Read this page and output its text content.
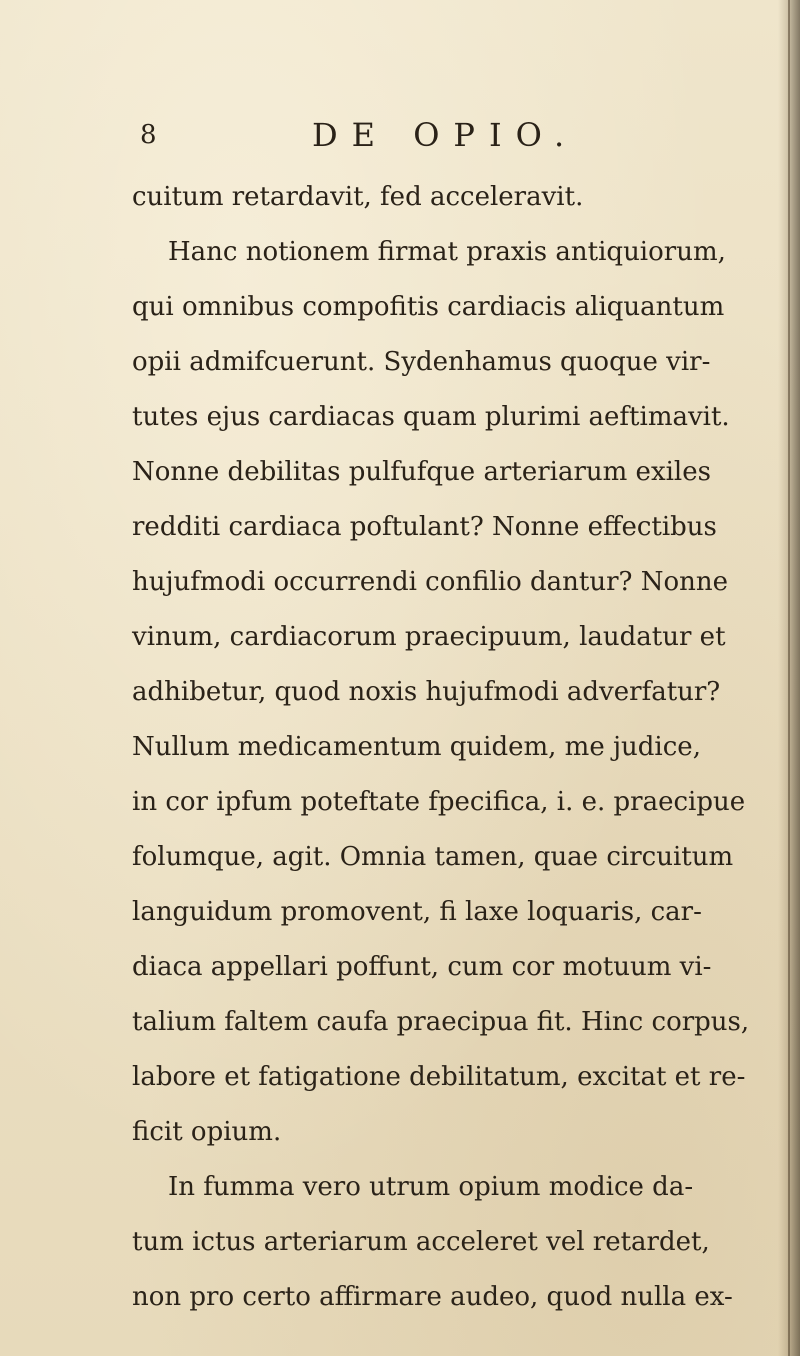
8	DE OPIO.
cuitum retardavit, fed acceleravit.
Hanc notionem firmat praxis antiquiorum,
qui omnibus compofitis cardiacis aliquantum
opii admifcuerunt. Sydenhamus quoque vir-
tutes ejus cardiacas quam plurimi aeftimavit.
Nonne debilitas pulfufque arteriarum exiles
redditi cardiaca poftulant? Nonne effectibus
hujufmodi occurrendi confilio dantur? Nonne
vinum, cardiacorum praecipuum, laudatur et
adhibetur, quod noxis hujufmodi adverfatur?
Nullum medicamentum quidem, me judice,
in cor ipfum poteftate fpecifica, i. e. praecipue
folumque, agit. Omnia tamen, quae circuitum
languidum promovent, fi laxe loquaris, car-
diaca appellari poffunt, cum cor motuum vi-
talium faltem caufa praecipua fit. Hinc corpus,
labore et fatigatione debilitatum, excitat et re-
ficit opium.
In fumma vero utrum opium modice da-
tum ictus arteriarum acceleret vel retardet,
non pro certo affirmare audeo, quod nulla ex-
